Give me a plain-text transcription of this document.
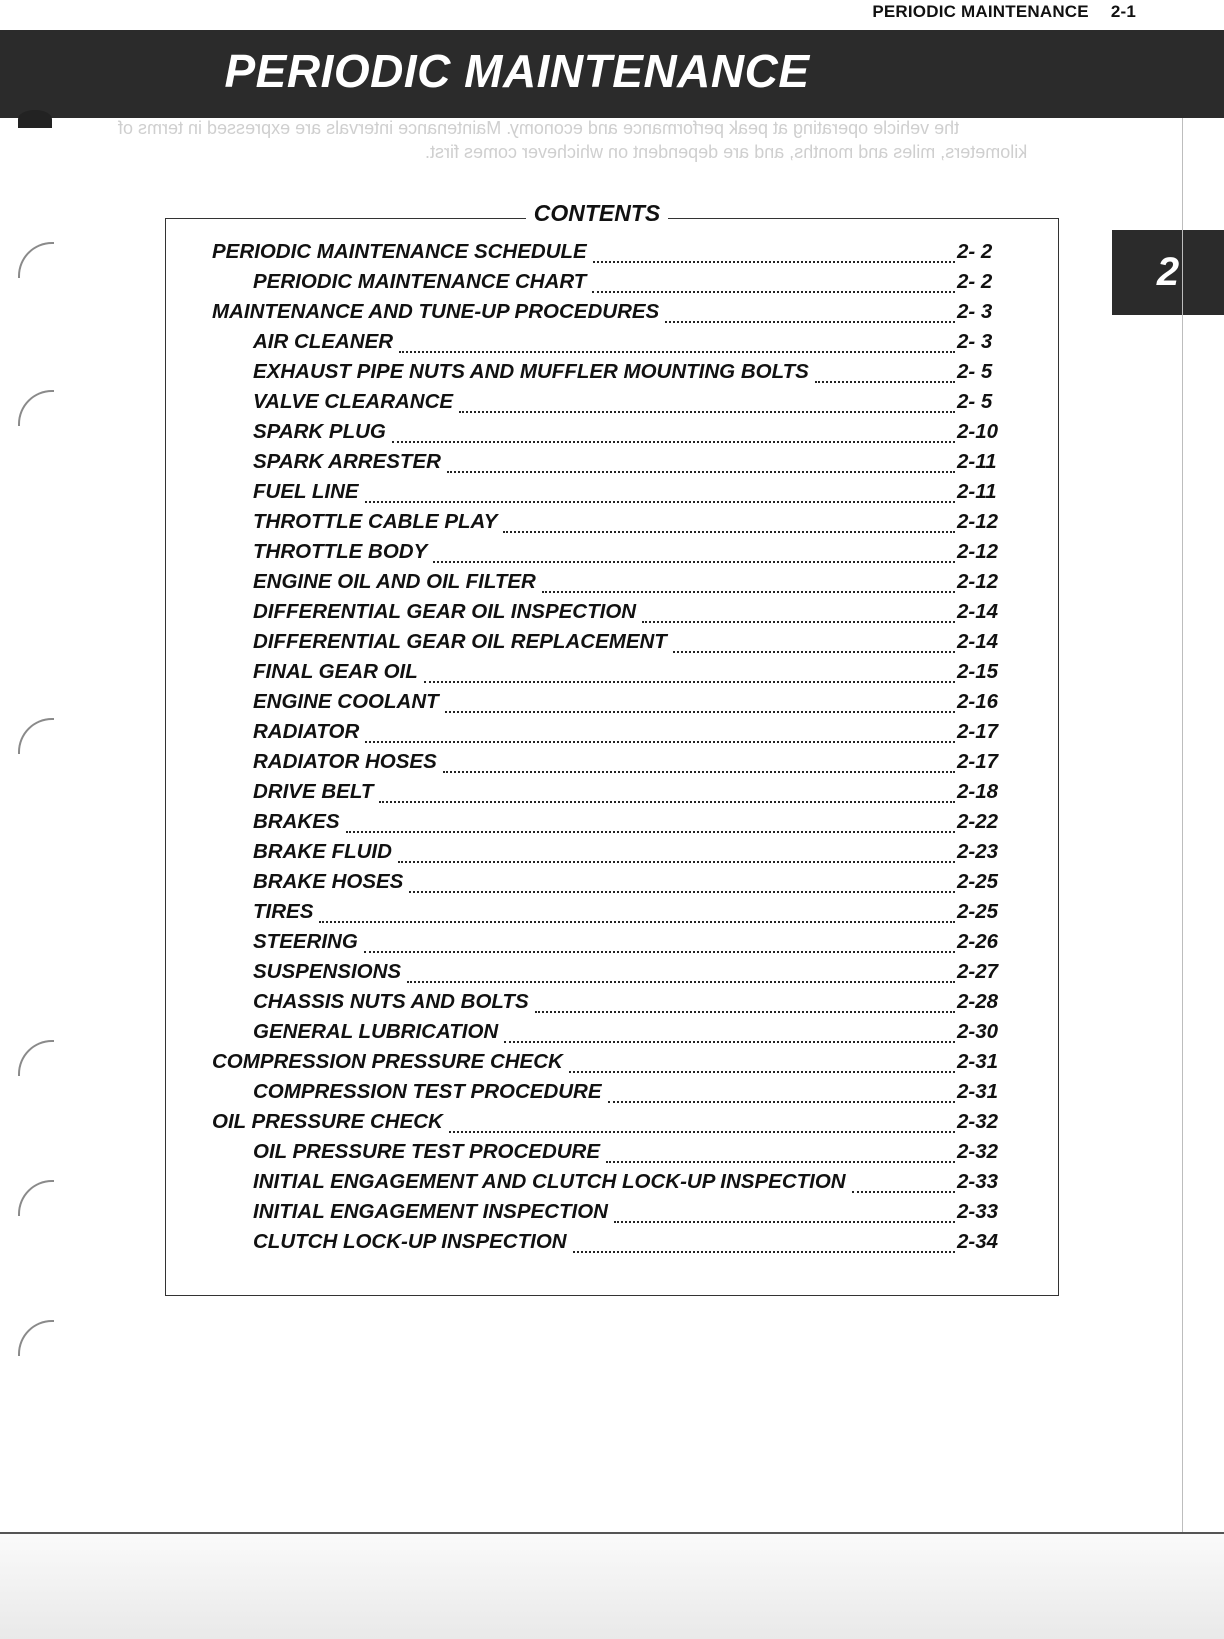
PERIODIC MAINTENANCE 2-1
PERIODIC MAINTENANCE
the vehicle operating at peak performance and economy. Maintenance intervals are expressed in terms of
kilometers, miles and months, and are dependent on whichever comes first.
2
CONTENTS
PERIODIC MAINTENANCE SCHEDULE	2- 2
PERIODIC MAINTENANCE CHART	2- 2
MAINTENANCE AND TUNE-UP PROCEDURES	2- 3
AIR CLEANER	2- 3
EXHAUST PIPE NUTS AND MUFFLER MOUNTING BOLTS	2- 5
VALVE CLEARANCE	2- 5
SPARK PLUG	2-10
SPARK ARRESTER	2-11
FUEL LINE	2-11
THROTTLE CABLE PLAY	2-12
THROTTLE BODY	2-12
ENGINE OIL AND OIL FILTER	2-12
DIFFERENTIAL GEAR OIL INSPECTION	2-14
DIFFERENTIAL GEAR OIL REPLACEMENT	2-14
FINAL GEAR OIL	2-15
ENGINE COOLANT	2-16
RADIATOR	2-17
RADIATOR HOSES	2-17
DRIVE BELT	2-18
BRAKES	2-22
BRAKE FLUID	2-23
BRAKE HOSES	2-25
TIRES	2-25
STEERING	2-26
SUSPENSIONS	2-27
CHASSIS NUTS AND BOLTS	2-28
GENERAL LUBRICATION	2-30
COMPRESSION PRESSURE CHECK	2-31
COMPRESSION TEST PROCEDURE	2-31
OIL PRESSURE CHECK	2-32
OIL PRESSURE TEST PROCEDURE	2-32
INITIAL ENGAGEMENT AND CLUTCH LOCK-UP INSPECTION	2-33
INITIAL ENGAGEMENT INSPECTION	2-33
CLUTCH LOCK-UP INSPECTION	2-34
